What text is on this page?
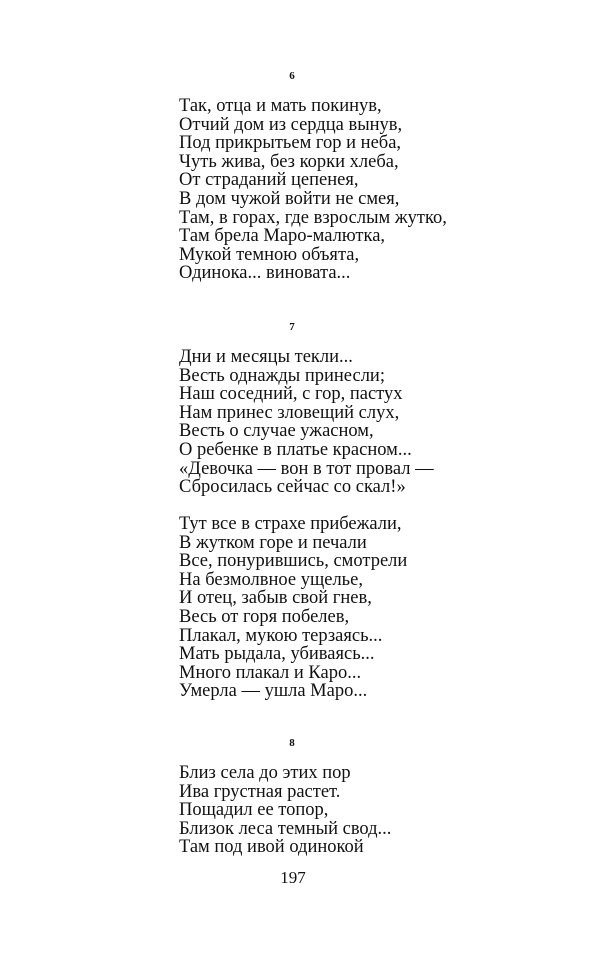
6
Так, отца и мать покинув,
Отчий дом из сердца вынув,
Под прикрытьем гор и неба,
Чуть жива, без корки хлеба,
От страданий цепенея,
В дом чужой войти не смея,
Там, в горах, где взрослым жутко,
Там брела Маро-малютка,
Мукой темною объята,
Одинока... виновата...
7
Дни и месяцы текли...
Весть однажды принесли;
Наш соседний, с гор, пастух
Нам принес зловещий слух,
Весть о случае ужасном,
О ребенке в платье красном...
«Девочка — вон в тот провал —
Сбросилась сейчас со скал!»
Тут все в страхе прибежали,
В жутком горе и печали
Все, понурившись, смотрели
На безмолвное ущелье,
И отец, забыв свой гнев,
Весь от горя побелев,
Плакал, мукою терзаясь...
Мать рыдала, убиваясь...
Много плакал и Каро...
Умерла — ушла Маро...
8
Близ села до этих пор
Ива грустная растет.
Пощадил ее топор,
Близок леса темный свод...
Там под ивой одинокой
197
